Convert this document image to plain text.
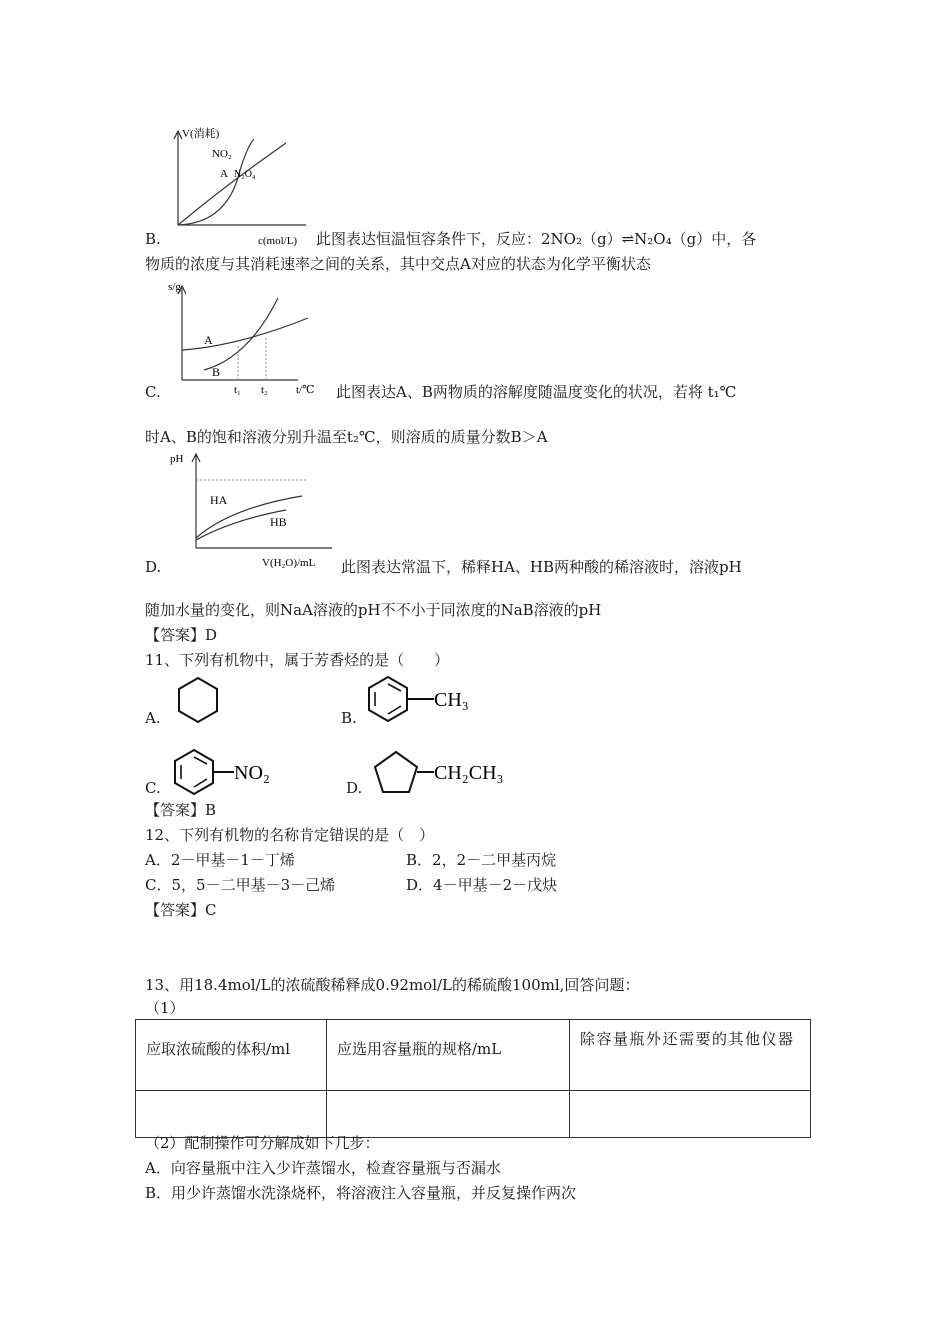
V(消耗)
NO₂
A N₂O₄
B.	c(mol/L) 此图表达恒温恒容条件下，反应：2NO₂（g）⇌N₂O₄（g）中，各
物质的浓度与其消耗速率之间的关系，其中交点A对应的状态为化学平衡状态
s/g
A
B
t₁ t₂	t/℃
C.	此图表达A、B两物质的溶解度随温度变化的状况，若将 t₁℃
时A、B的饱和溶液分别升温至t₂℃，则溶质的质量分数B＞A
pH
HA
HB
V(H₂O)/mL
D.	此图表达常温下，稀释HA、HB两种酸的稀溶液时，溶液pH
随加水量的变化，则NaA溶液的pH不不小于同浓度的NaB溶液的pH
【答案】D
11、下列有机物中，属于芳香烃的是（　　）
A.	B.
CH₃
C.
NO₂
D.
CH₂CH₃
【答案】B
12、下列有机物的名称肯定错误的是（　）
A．2－甲基－1－丁烯	B．2，2－二甲基丙烷
C．5，5－二甲基－3－己烯	D．4－甲基－2－戊炔
【答案】C
13、用18.4mol/L的浓硫酸稀释成0.92mol/L的稀硫酸100ml,回答问题：
（1）
应取浓硫酸的体积/ml	应选用容量瓶的规格/mL	除容量瓶外还需要的其他仪器

（2）配制操作可分解成如下几步：
A．向容量瓶中注入少许蒸馏水，检查容量瓶与否漏水
B．用少许蒸馏水洗涤烧杯，将溶液注入容量瓶，并反复操作两次
